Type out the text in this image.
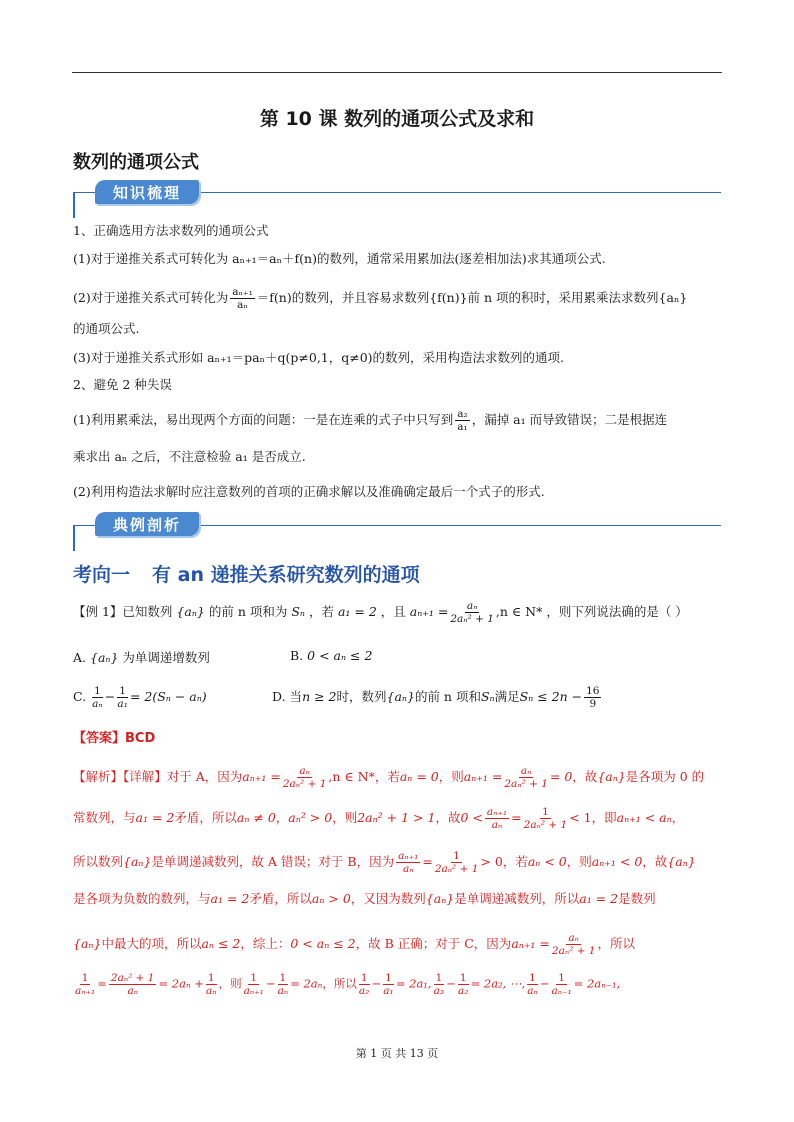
第 10 课 数列的通项公式及求和
数列的通项公式
知识梳理
1、正确选用方法求数列的通项公式
(1)对于递推关系式可转化为 aₙ₊₁＝aₙ＋f(n)的数列，通常采用累加法(逐差相加法)求其通项公式.
(2)对于递推关系式可转化为 $\frac{\text{aₙ₊₁}}{\text{aₙ}} =f(n)$的数列，并且容易求数列{f(n)}前 n 项的积时，采用累乘法求数列{aₙ}
的通项公式.
(3)对于递推关系式形如 aₙ₊₁＝paₙ＋q(p≠0,1，q≠0)的数列，采用构造法求数列的通项.
2、避免 2 种失误
(1)利用累乘法，易出现两个方面的问题：一是在连乘的式子中只写到 $\frac{\text{a₂}}{\text{a₁}}$ ，漏掉 a₁ 而导致错误；二是根据连
乘求出 aₙ 之后，不注意检验 a₁ 是否成立.
(2)利用构造法求解时应注意数列的首项的正确求解以及准确确定最后一个式子的形式.
典例剖析
考向一 有 an 递推关系研究数列的通项
【例 1】已知数列 {aₙ} 的前 n 项和为 Sₙ ，若 a₁ = 2 ，且 $a_{n+1} = \frac{\text{aₙ}}{\text{2aₙ² + 1}} ,n$ ∈ N* ，则下列说法确的是（ ）
A. {aₙ} 为单调递增数列	B. 0 < aₙ ≤ 2
C. $\frac{1}{\text{aₙ}} - \frac{1}{\text{a₁}} = 2(S_n - a_n)$	D. 当n ≥ 2时，数列{aₙ}的前 n 项和Sₙ满足$S_n \le 2n - \frac{16}{9}$
【答案】BCD
【解析】【详解】对于 A，因为$a_{n+1} = \frac{\text{aₙ}}{\text{2aₙ² + 1}} ,n$ ∈ N*，若aₙ = 0，则$a_{n+1} = \frac{\text{aₙ}}{\text{2aₙ² + 1}} = 0$，故{aₙ}是各项为 0 的
常数列，与a₁ = 2矛盾，所以aₙ ≠ 0，aₙ² > 0，则2aₙ² + 1 > 1，故$0 < \frac{\text{aₙ₊₁}}{\text{aₙ}} = \frac{1}{\text{2aₙ² + 1}} < 1$，即aₙ₊₁ < aₙ，
所以数列{aₙ}是单调递减数列，故 A 错误；对于 B，因为 $\frac{\text{aₙ₊₁}}{\text{aₙ}} = \frac{1}{\text{2aₙ² + 1}} > 0$，若aₙ < 0，则aₙ₊₁ < 0，故{aₙ}
是各项为负数的数列，与a₁ = 2矛盾，所以aₙ > 0，又因为数列{aₙ}是单调递减数列，所以a₁ = 2是数列
{aₙ}中最大的项，所以aₙ ≤ 2，综上：0 < aₙ ≤ 2，故 B 正确；对于 C，因为$a_{n+1} = \frac{\text{aₙ}}{\text{2aₙ² + 1}}$ ，所以
$\frac{1}{\text{aₙ₊₁}} = \frac{\text{2aₙ² + 1}}{\text{aₙ}} = 2a_n + \frac{1}{\text{aₙ}}$ ，则 $\frac{1}{\text{aₙ₊₁}} - \frac{1}{\text{aₙ}} = 2a_n$，所以 $\frac{1}{\text{a₂}} - \frac{1}{\text{a₁}} = 2a_1$, $\frac{1}{\text{a₃}} - \frac{1}{\text{a₂}} = 2a_2$, ⋯, $\frac{1}{\text{aₙ}} - \frac{1}{\text{aₙ₋₁}} = 2a_{n-1}$,
第 1 页 共 13 页
